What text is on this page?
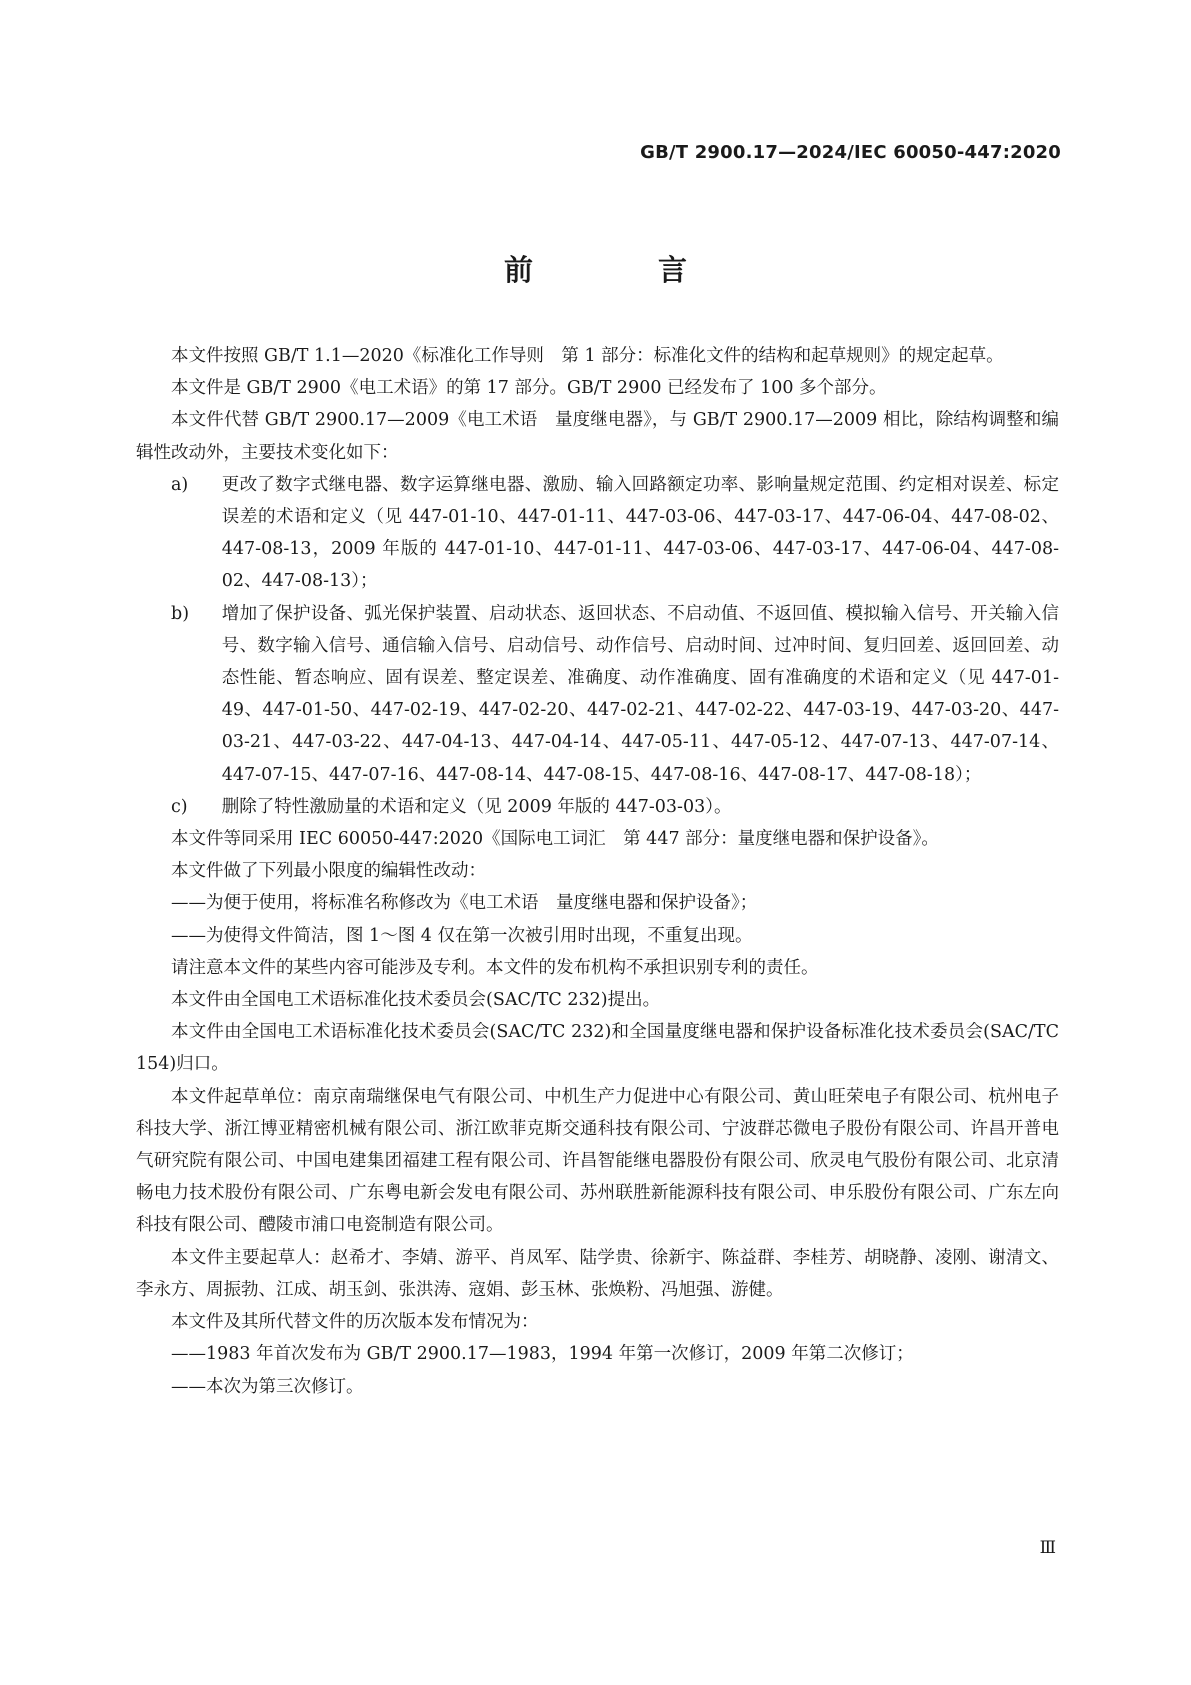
GB/T 2900.17—2024/IEC 60050-447:2020
前　言

本文件按照 GB/T 1.1—2020《标准化工作导则　第 1 部分：标准化文件的结构和起草规则》的规定起草。

本文件是 GB/T 2900《电工术语》的第 17 部分。GB/T 2900 已经发布了 100 多个部分。

本文件代替 GB/T 2900.17—2009《电工术语　量度继电器》，与 GB/T 2900.17—2009 相比，除结构调整和编辑性改动外，主要技术变化如下：

a)	更改了数字式继电器、数字运算继电器、激励、输入回路额定功率、影响量规定范围、约定相对误差、标定误差的术语和定义（见 447-01-10、447-01-11、447-03-06、447-03-17、447-06-04、447-08-02、447-08-13，2009 年版的 447-01-10、447-01-11、447-03-06、447-03-17、447-06-04、447-08-02、447-08-13）；
b)	增加了保护设备、弧光保护装置、启动状态、返回状态、不启动值、不返回值、模拟输入信号、开关输入信号、数字输入信号、通信输入信号、启动信号、动作信号、启动时间、过冲时间、复归回差、返回回差、动态性能、暂态响应、固有误差、整定误差、准确度、动作准确度、固有准确度的术语和定义（见 447-01-49、447-01-50、447-02-19、447-02-20、447-02-21、447-02-22、447-03-19、447-03-20、447-03-21、447-03-22、447-04-13、447-04-14、447-05-11、447-05-12、447-07-13、447-07-14、447-07-15、447-07-16、447-08-14、447-08-15、447-08-16、447-08-17、447-08-18）；
c)	删除了特性激励量的术语和定义（见 2009 年版的 447-03-03）。

本文件等同采用 IEC 60050-447:2020《国际电工词汇　第 447 部分：量度继电器和保护设备》。

本文件做了下列最小限度的编辑性改动：

——为便于使用，将标准名称修改为《电工术语　量度继电器和保护设备》；

——为使得文件简洁，图 1～图 4 仅在第一次被引用时出现，不重复出现。

请注意本文件的某些内容可能涉及专利。本文件的发布机构不承担识别专利的责任。

本文件由全国电工术语标准化技术委员会(SAC/TC 232)提出。

本文件由全国电工术语标准化技术委员会(SAC/TC 232)和全国量度继电器和保护设备标准化技术委员会(SAC/TC 154)归口。

本文件起草单位：南京南瑞继保电气有限公司、中机生产力促进中心有限公司、黄山旺荣电子有限公司、杭州电子科技大学、浙江博亚精密机械有限公司、浙江欧菲克斯交通科技有限公司、宁波群芯微电子股份有限公司、许昌开普电气研究院有限公司、中国电建集团福建工程有限公司、许昌智能继电器股份有限公司、欣灵电气股份有限公司、北京清畅电力技术股份有限公司、广东粤电新会发电有限公司、苏州联胜新能源科技有限公司、申乐股份有限公司、广东左向科技有限公司、醴陵市浦口电瓷制造有限公司。

本文件主要起草人：赵希才、李婧、游平、肖凤军、陆学贵、徐新宇、陈益群、李桂芳、胡晓静、凌刚、谢清文、李永方、周振勃、江成、胡玉剑、张洪涛、寇娟、彭玉林、张焕粉、冯旭强、游健。

本文件及其所代替文件的历次版本发布情况为：

——1983 年首次发布为 GB/T 2900.17—1983，1994 年第一次修订，2009 年第二次修订；

——本次为第三次修订。

Ⅲ
